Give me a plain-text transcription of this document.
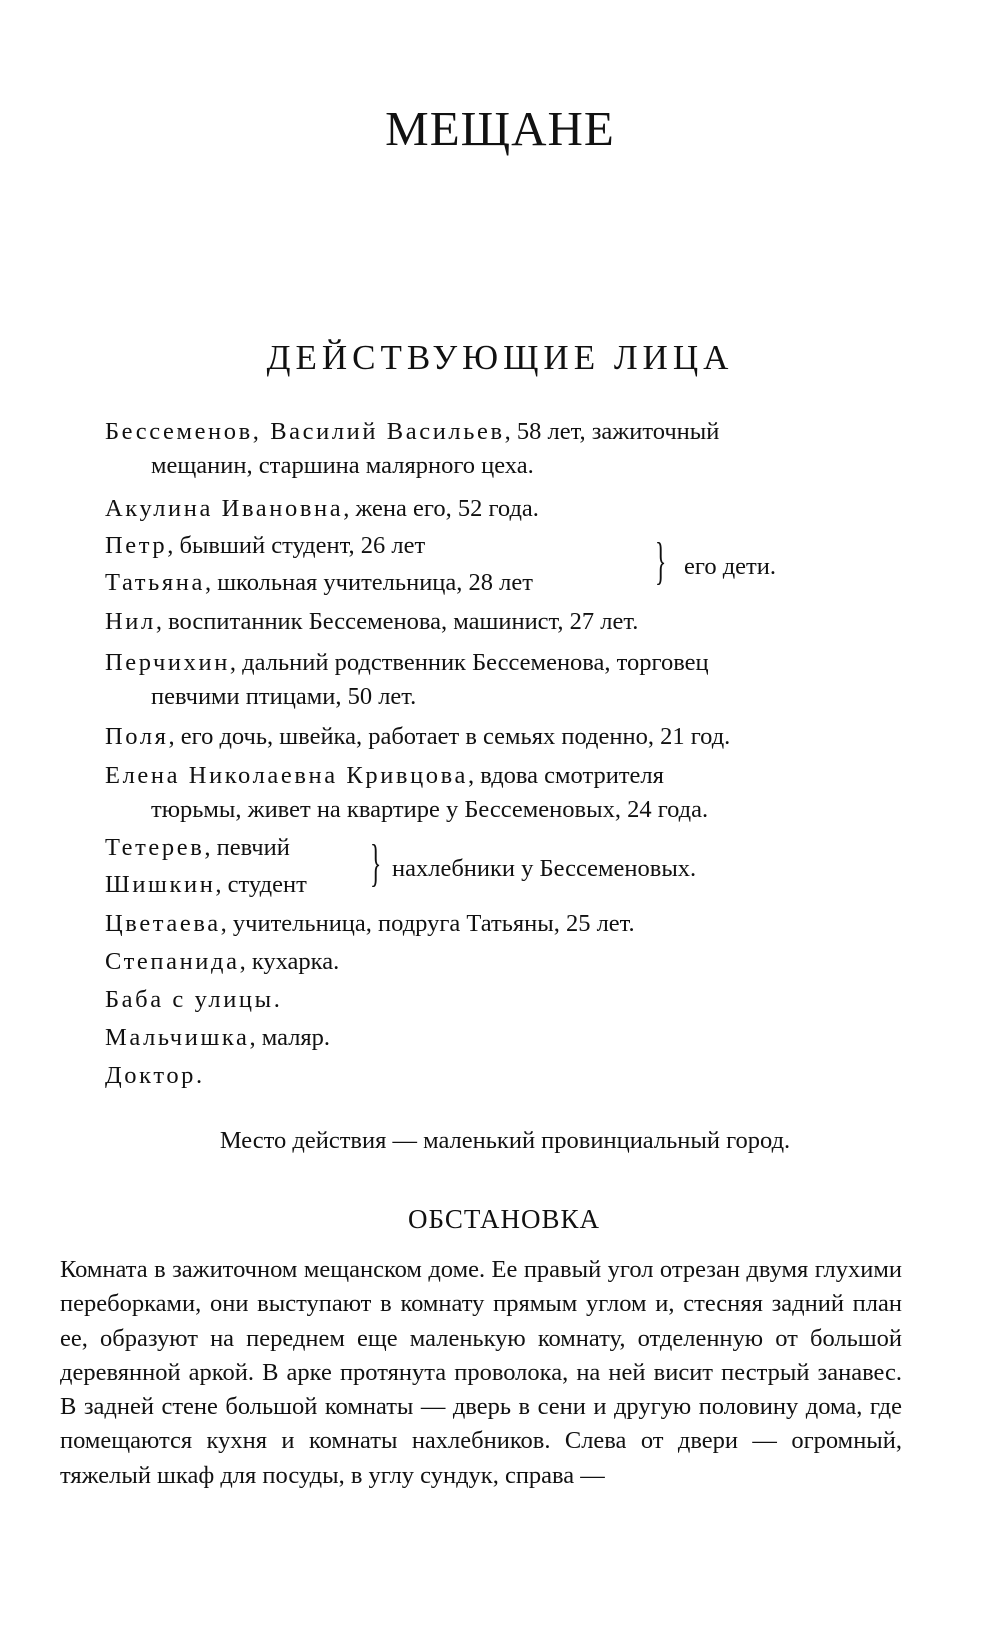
МЕЩАНЕ
ДЕЙСТВУЮЩИЕ ЛИЦА
Бессеменов, Василий Васильев, 58 лет, зажиточный
мещанин, старшина малярного цеха.
Акулина Ивановна, жена его, 52 года.
Петр, бывший студент, 26 лет
Татьяна, школьная учительница, 28 лет } его дети.
Нил, воспитанник Бессеменова, машинист, 27 лет.
Перчихин, дальний родственник Бессеменова, торговец
певчими птицами, 50 лет.
Поля, его дочь, швейка, работает в семьях поденно, 21 год.
Елена Николаевна Кривцова, вдова смотрителя
тюрьмы, живет на квартире у Бессеменовых, 24 года.
Тетерев, певчий
Шишкин, студент } нахлебники у Бессеменовых.
Цветаева, учительница, подруга Татьяны, 25 лет.
Степанида, кухарка.
Баба с улицы.
Мальчишка, маляр.
Доктор.
Место действия — маленький провинциальный город.
ОБСТАНОВКА
Комната в зажиточном мещанском доме. Ее правый угол отрезан двумя глухими переборками, они выступают в комнату прямым углом и, стесняя задний план ее, образуют на переднем еще маленькую комнату, отделенную от большой деревянной аркой. В арке протянута проволока, на ней висит пестрый занавес. В задней стене большой комнаты — дверь в сени и другую половину дома, где помещаются кухня и комнаты нахлебников. Слева от двери — огромный, тяжелый шкаф для посуды, в углу сундук, справа —
